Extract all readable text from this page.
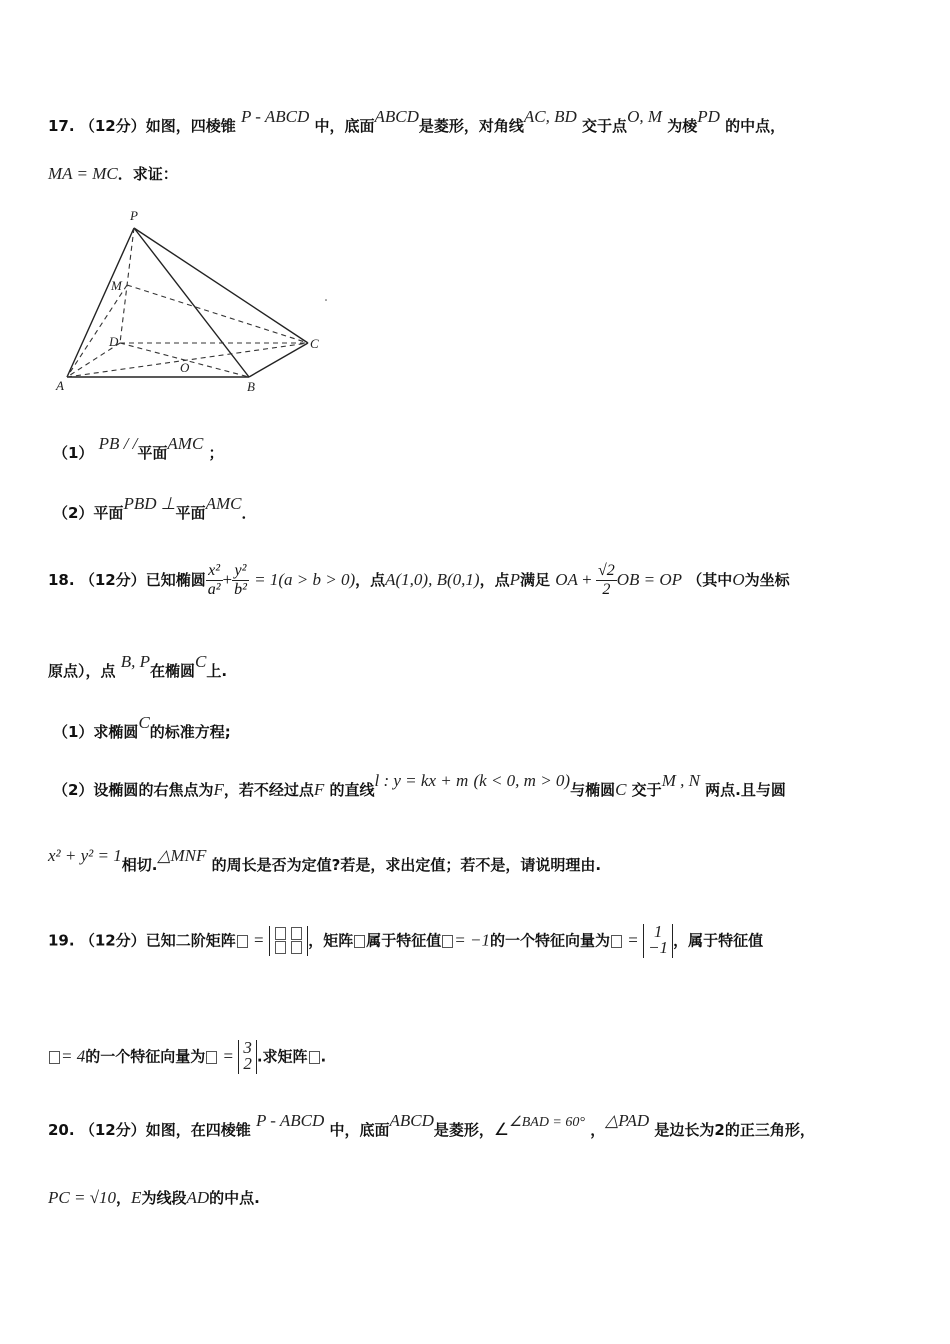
17. （12分）如图，四棱锥 P - ABCD 中，底面ABCD是菱形，对角线AC, BD 交于点O, M 为棱PD 的中点，
MA = MC．求证：
P
M
D	C
O
A	B
（1） PB / /平面AMC ；
（2）平面PBD ⊥平面AMC．
18. （12分）已知椭圆 $\frac{\text{x²}}{\text{a²}} + \frac{\text{y²}}{\text{b²}} = 1(a > b > 0)$，点A(1,0), B(0,1)，点P满足 OA + $\frac{√2}{2}$ OB = OP （其中O为坐标
原点），点 B, P在椭圆C上.
（1）求椭圆C的标准方程;
（2）设椭圆的右焦点为F，若不经过点F 的直线l : y = kx + m (k < 0, m > 0)与椭圆C 交于M , N 两点.且与圆
x² + y² = 1相切.△MNF 的周长是否为定值?若是，求出定值；若不是，请说明理由.
19. （12分）已知二阶矩阵 =	，矩阵 属于特征值 = −1的一个特征向量为 = 1
−1 ，属于特征值
= 4的一个特征向量为 = 3
2 .求矩阵 .
20. （12分）如图，在四棱锥 P - ABCD 中，底面ABCD是菱形，∠∠BAD = 60° ，△PAD 是边长为2的正三角形，
PC = √10，E为线段AD的中点.
